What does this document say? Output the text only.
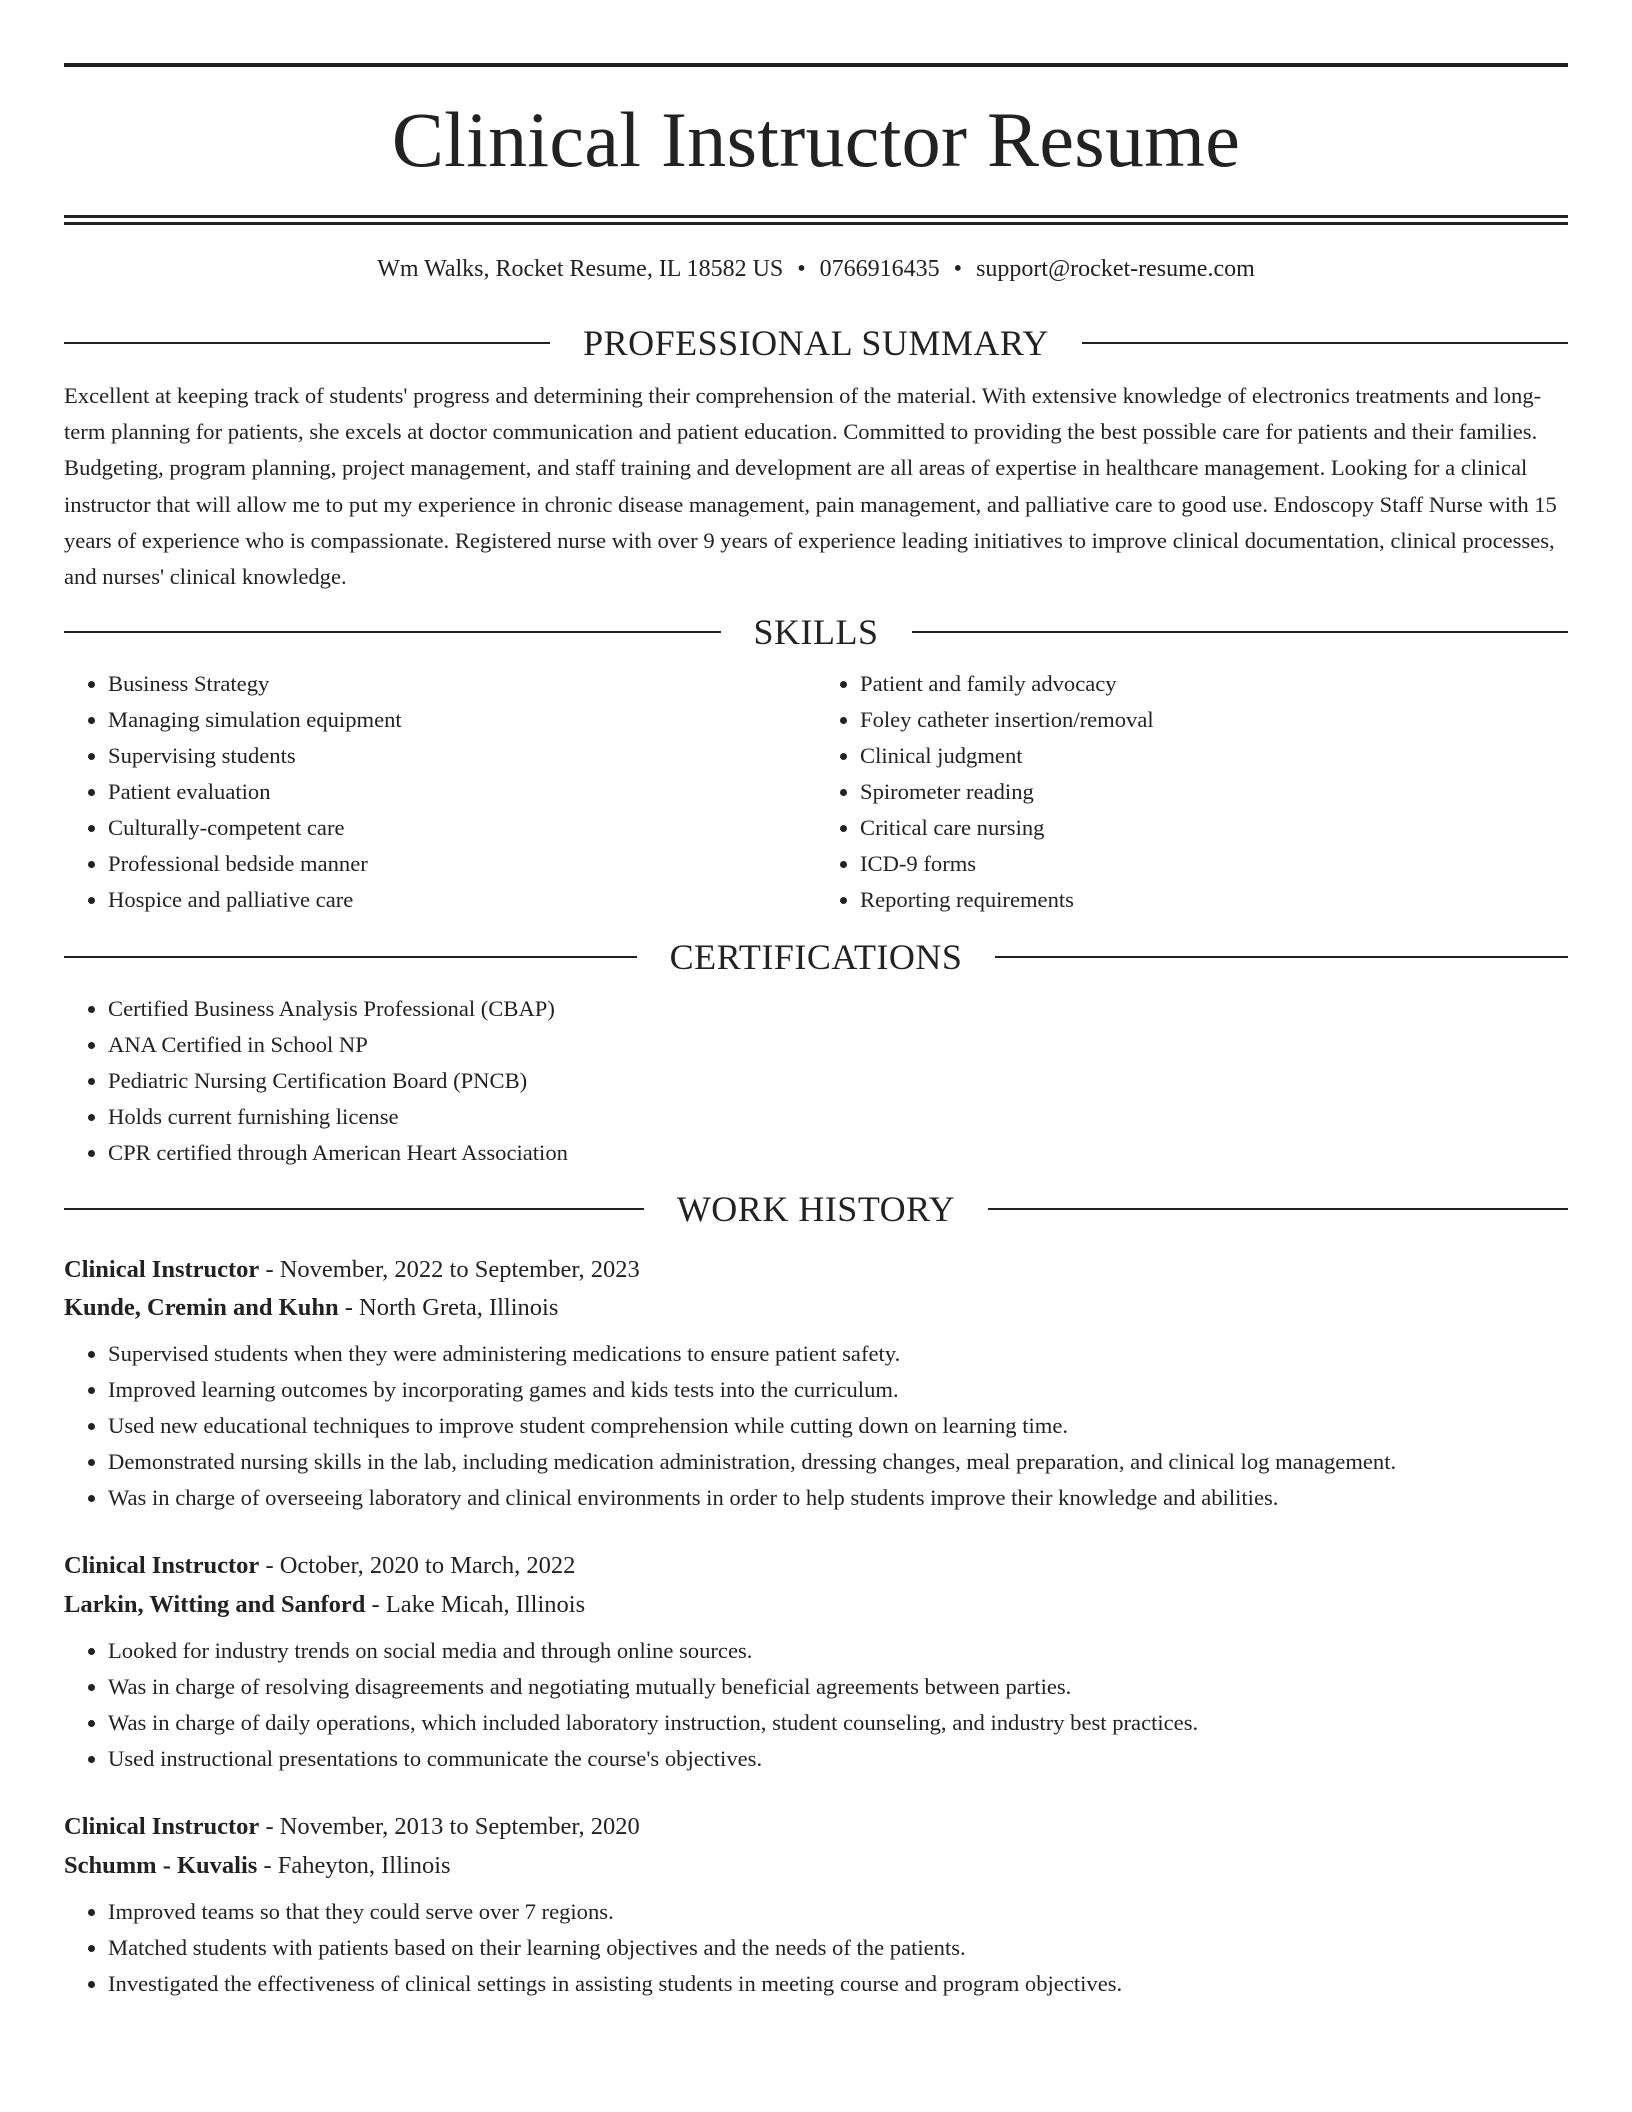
Clinical Instructor Resume
Wm Walks, Rocket Resume, IL 18582 US • 0766916435 • support@rocket-resume.com
PROFESSIONAL SUMMARY

Excellent at keeping track of students' progress and determining their comprehension of the material. With extensive knowledge of electronics treatments and long-term planning for patients, she excels at doctor communication and patient education. Committed to providing the best possible care for patients and their families. Budgeting, program planning, project management, and staff training and development are all areas of expertise in healthcare management. Looking for a clinical instructor that will allow me to put my experience in chronic disease management, pain management, and palliative care to good use. Endoscopy Staff Nurse with 15 years of experience who is compassionate. Registered nurse with over 9 years of experience leading initiatives to improve clinical documentation, clinical processes, and nurses' clinical knowledge.

SKILLS
• Business Strategy
• Managing simulation equipment
• Supervising students
• Patient evaluation
• Culturally-competent care
• Professional bedside manner
• Hospice and palliative care
• Patient and family advocacy
• Foley catheter insertion/removal
• Clinical judgment
• Spirometer reading
• Critical care nursing
• ICD-9 forms
• Reporting requirements
CERTIFICATIONS
• Certified Business Analysis Professional (CBAP)
• ANA Certified in School NP
• Pediatric Nursing Certification Board (PNCB)
• Holds current furnishing license
• CPR certified through American Heart Association
WORK HISTORY
Clinical Instructor - November, 2022 to September, 2023
Kunde, Cremin and Kuhn - North Greta, Illinois
• Supervised students when they were administering medications to ensure patient safety.
• Improved learning outcomes by incorporating games and kids tests into the curriculum.
• Used new educational techniques to improve student comprehension while cutting down on learning time.
• Demonstrated nursing skills in the lab, including medication administration, dressing changes, meal preparation, and clinical log management.
• Was in charge of overseeing laboratory and clinical environments in order to help students improve their knowledge and abilities.
Clinical Instructor - October, 2020 to March, 2022
Larkin, Witting and Sanford - Lake Micah, Illinois
• Looked for industry trends on social media and through online sources.
• Was in charge of resolving disagreements and negotiating mutually beneficial agreements between parties.
• Was in charge of daily operations, which included laboratory instruction, student counseling, and industry best practices.
• Used instructional presentations to communicate the course's objectives.
Clinical Instructor - November, 2013 to September, 2020
Schumm - Kuvalis - Faheyton, Illinois
• Improved teams so that they could serve over 7 regions.
• Matched students with patients based on their learning objectives and the needs of the patients.
• Investigated the effectiveness of clinical settings in assisting students in meeting course and program objectives.
